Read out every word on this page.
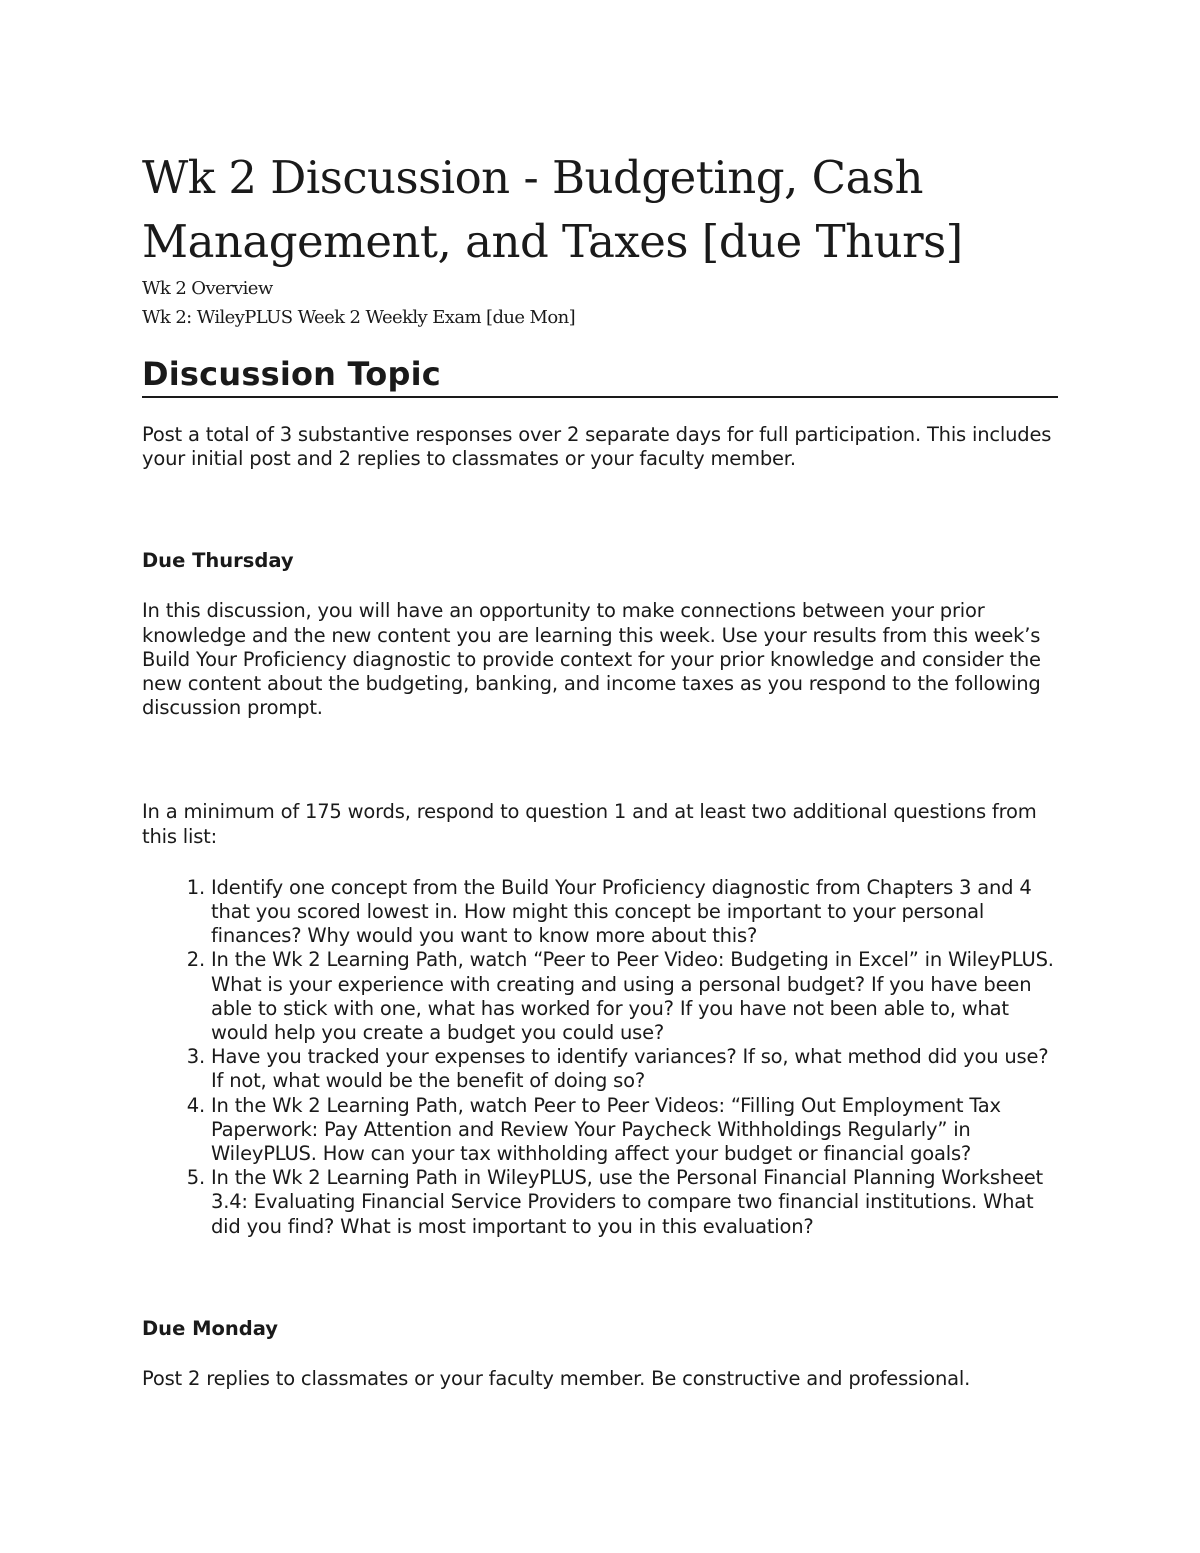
Wk 2 Discussion - Budgeting, Cash Management, and Taxes [due Thurs]
Wk 2 Overview
Wk 2: WileyPLUS Week 2 Weekly Exam [due Mon]
Discussion Topic

Post a total of 3 substantive responses over 2 separate days for full participation. This includes your initial post and 2 replies to classmates or your faculty member.

Due Thursday

In this discussion, you will have an opportunity to make connections between your prior knowledge and the new content you are learning this week. Use your results from this week’s Build Your Proficiency diagnostic to provide context for your prior knowledge and consider the new content about the budgeting, banking, and income taxes as you respond to the following discussion prompt.

In a minimum of 175 words, respond to question 1 and at least two additional questions from this list:

1. Identify one concept from the Build Your Proficiency diagnostic from Chapters 3 and 4 that you scored lowest in. How might this concept be important to your personal finances? Why would you want to know more about this?
2. In the Wk 2 Learning Path, watch “Peer to Peer Video: Budgeting in Excel” in WileyPLUS. What is your experience with creating and using a personal budget? If you have been able to stick with one, what has worked for you? If you have not been able to, what would help you create a budget you could use?
3. Have you tracked your expenses to identify variances? If so, what method did you use? If not, what would be the benefit of doing so?
4. In the Wk 2 Learning Path, watch Peer to Peer Videos: “Filling Out Employment Tax Paperwork: Pay Attention and Review Your Paycheck Withholdings Regularly” in WileyPLUS. How can your tax withholding affect your budget or financial goals?
5. In the Wk 2 Learning Path in WileyPLUS, use the Personal Financial Planning Worksheet 3.4: Evaluating Financial Service Providers to compare two financial institutions. What did you find? What is most important to you in this evaluation?
Due Monday

Post 2 replies to classmates or your faculty member. Be constructive and professional.
